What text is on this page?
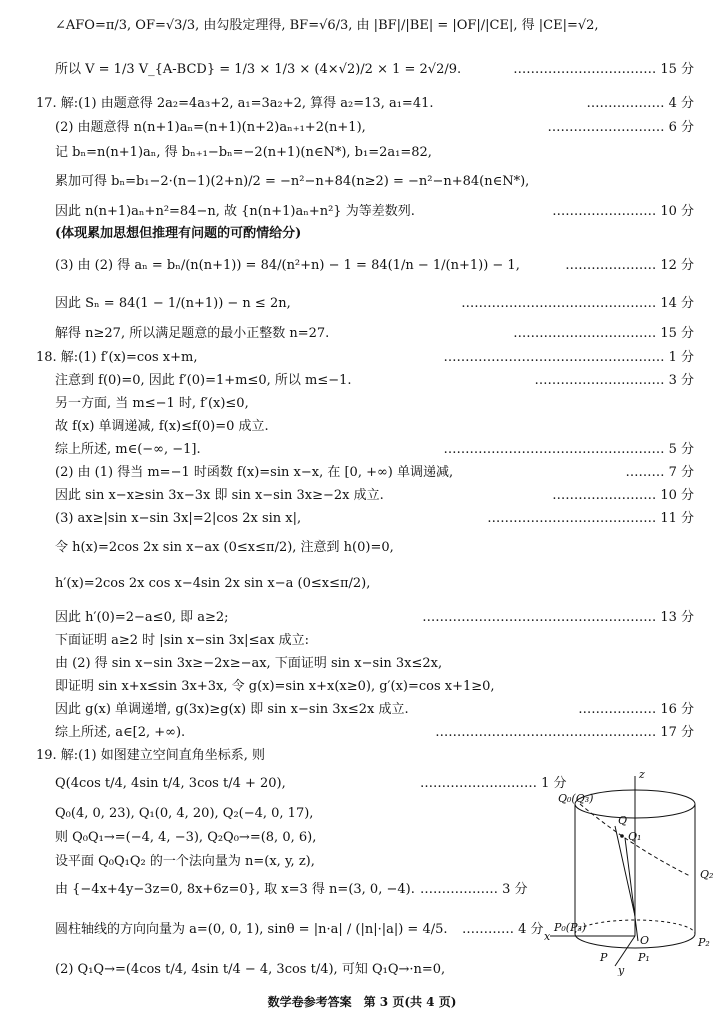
∠AFO=π/3, OF=√3/3, 由勾股定理得, BF=√6/3, 由 |BF|/|BE| = |OF|/|CE|, 得 |CE|=√2,
所以 V = 1/3 V_{A-BCD} = 1/3 × 1/3 × (4×√2)/2 × 1 = 2√2/9.	…………………………… 15 分
17. 解:(1) 由题意得 2a₂=4a₃+2, a₁=3a₂+2, 算得 a₂=13, a₁=41.	……………… 4 分
(2) 由题意得 n(n+1)aₙ=(n+1)(n+2)aₙ₊₁+2(n+1),	……………………… 6 分
记 bₙ=n(n+1)aₙ, 得 bₙ₊₁−bₙ=−2(n+1)(n∈N*), b₁=2a₁=82,
累加可得 bₙ=b₁−2·(n−1)(2+n)/2 = −n²−n+84(n≥2) = −n²−n+84(n∈N*),
因此 n(n+1)aₙ+n²=84−n, 故 {n(n+1)aₙ+n²} 为等差数列.	…………………… 10 分
(体现累加思想但推理有问题的可酌情给分)
(3) 由 (2) 得 aₙ = bₙ/(n(n+1)) = 84/(n²+n) − 1 = 84(1/n − 1/(n+1)) − 1,	………………… 12 分
因此 Sₙ = 84(1 − 1/(n+1)) − n ≤ 2n,	……………………………………… 14 分
解得 n≥27, 所以满足题意的最小正整数 n=27.	…………………………… 15 分
18. 解:(1) f′(x)=cos x+m,	…………………………………………… 1 分
注意到 f(0)=0, 因此 f′(0)=1+m≤0, 所以 m≤−1.	………………………… 3 分
另一方面, 当 m≤−1 时, f′(x)≤0,
故 f(x) 单调递减, f(x)≤f(0)=0 成立.
综上所述, m∈(−∞, −1].	…………………………………………… 5 分
(2) 由 (1) 得当 m=−1 时函数 f(x)=sin x−x, 在 [0, +∞) 单调递减,	……… 7 分
因此 sin x−x≥sin 3x−3x 即 sin x−sin 3x≥−2x 成立.	…………………… 10 分
(3) ax≥|sin x−sin 3x|=2|cos 2x sin x|,	………………………………… 11 分
令 h(x)=2cos 2x sin x−ax (0≤x≤π/2), 注意到 h(0)=0,
h′(x)=2cos 2x cos x−4sin 2x sin x−a (0≤x≤π/2),
因此 h′(0)=2−a≤0, 即 a≥2;	……………………………………………… 13 分
下面证明 a≥2 时 |sin x−sin 3x|≤ax 成立:
由 (2) 得 sin x−sin 3x≥−2x≥−ax, 下面证明 sin x−sin 3x≤2x,
即证明 sin x+x≤sin 3x+3x, 令 g(x)=sin x+x(x≥0), g′(x)=cos x+1≥0,
因此 g(x) 单调递增, g(3x)≥g(x) 即 sin x−sin 3x≤2x 成立.	……………… 16 分
综上所述, a∈[2, +∞).	…………………………………………… 17 分
19. 解:(1) 如图建立空间直角坐标系, 则
Q(4cos t/4, 4sin t/4, 3cos t/4 + 20),	……………………… 1 分
Q₀(4, 0, 23), Q₁(0, 4, 20), Q₂(−4, 0, 17),
则 Q₀Q₁→=(−4, 4, −3), Q₂Q₀→=(8, 0, 6),
设平面 Q₀Q₁Q₂ 的一个法向量为 n=(x, y, z),
由 {−4x+4y−3z=0, 8x+6z=0}, 取 x=3 得 n=(3, 0, −4). ……………… 3 分
圆柱轴线的方向向量为 a=(0, 0, 1), sinθ = |n·a| / (|n|·|a|) = 4/5. ………… 4 分
(2) Q₁Q→=(4cos t/4, 4sin t/4 − 4, 3cos t/4), 可知 Q₁Q→·n=0,
Q₀(Q₃)
Q
Q₁
Q₂
P₀(P₃)
O
P	P₁
P₂
x
y
z
数学卷参考答案　第 3 页(共 4 页)
